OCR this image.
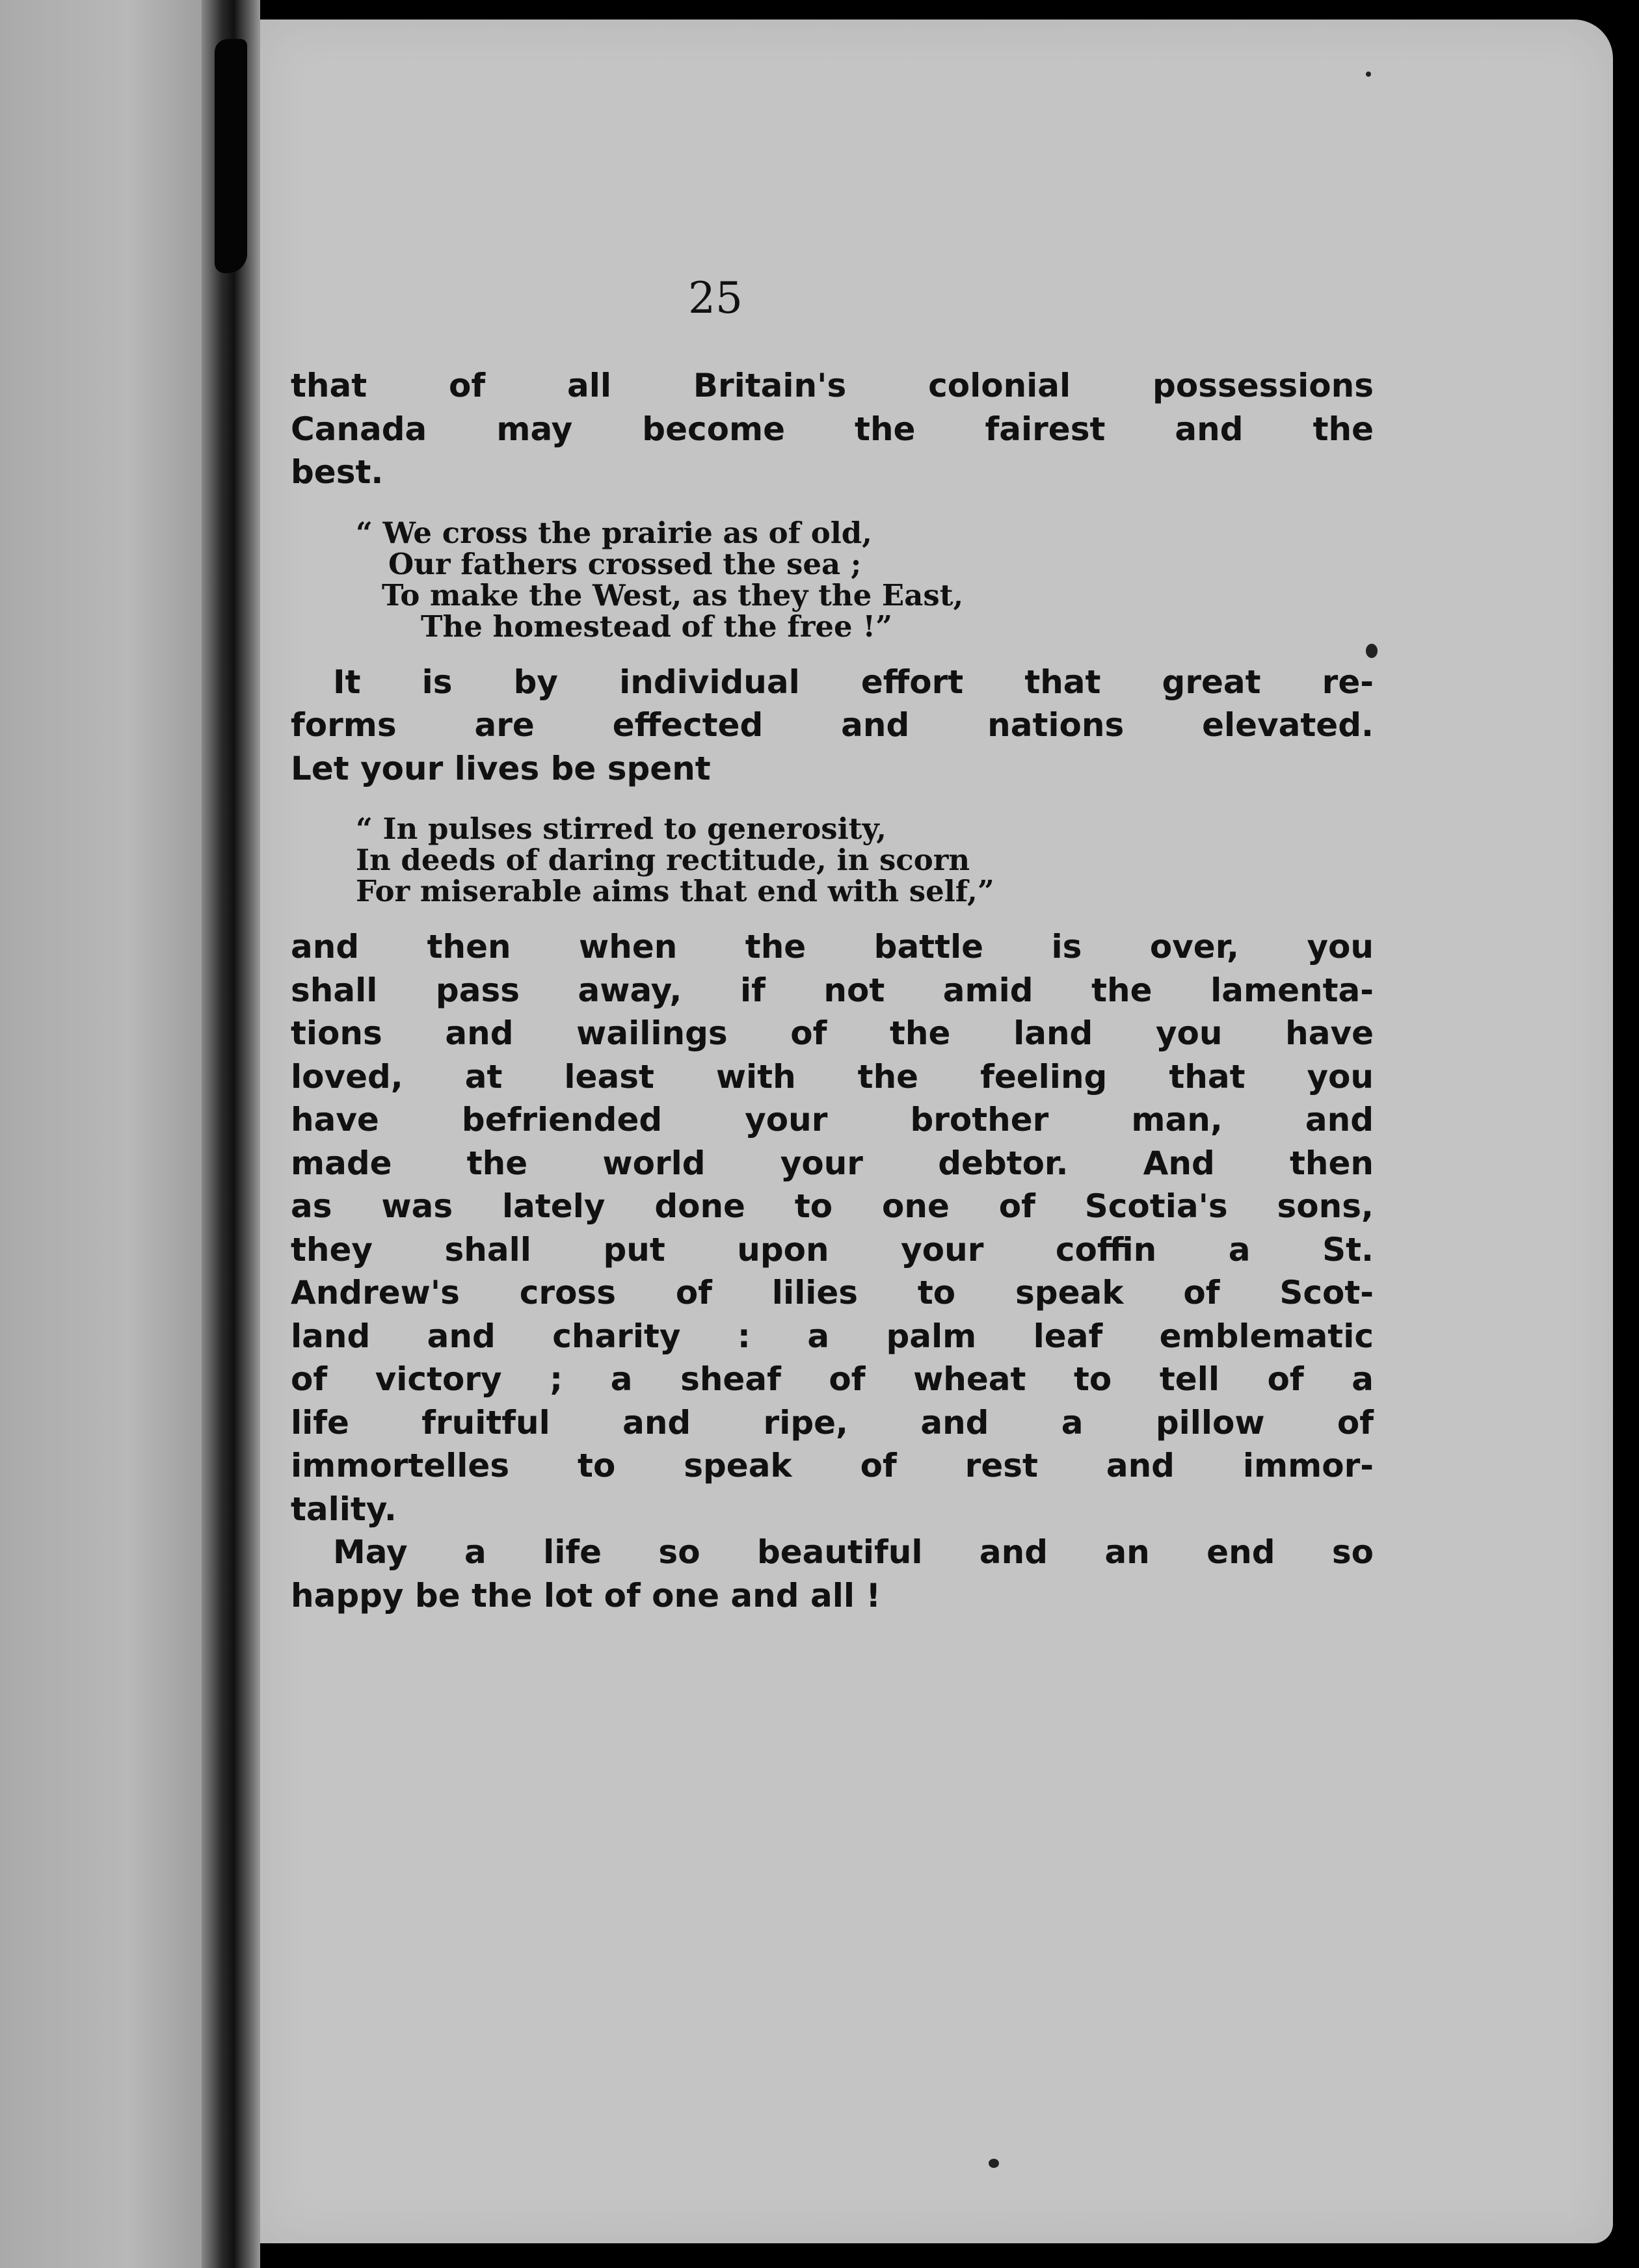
25

that of all Britain's colonial possessions
Canada may become the fairest and the
best.

“ We cross the prairie as of old,
Our fathers crossed the sea ;
To make the West, as they the East,
The homestead of the free !”

It is by individual effort that great re-
forms are effected and nations elevated.
Let your lives be spent

“ In pulses stirred to generosity,
In deeds of daring rectitude, in scorn
For miserable aims that end with self,”

and then when the battle is over, you
shall pass away, if not amid the lamenta-
tions and wailings of the land you have
loved, at least with the feeling that you
have befriended your brother man, and
made the world your debtor. And then
as was lately done to one of Scotia's sons,
they shall put upon your coffin a St.
Andrew's cross of lilies to speak of Scot-
land and charity : a palm leaf emblematic
of victory ; a sheaf of wheat to tell of a
life fruitful and ripe, and a pillow of
immortelles to speak of rest and immor-
tality.

May a life so beautiful and an end so
happy be the lot of one and all !
